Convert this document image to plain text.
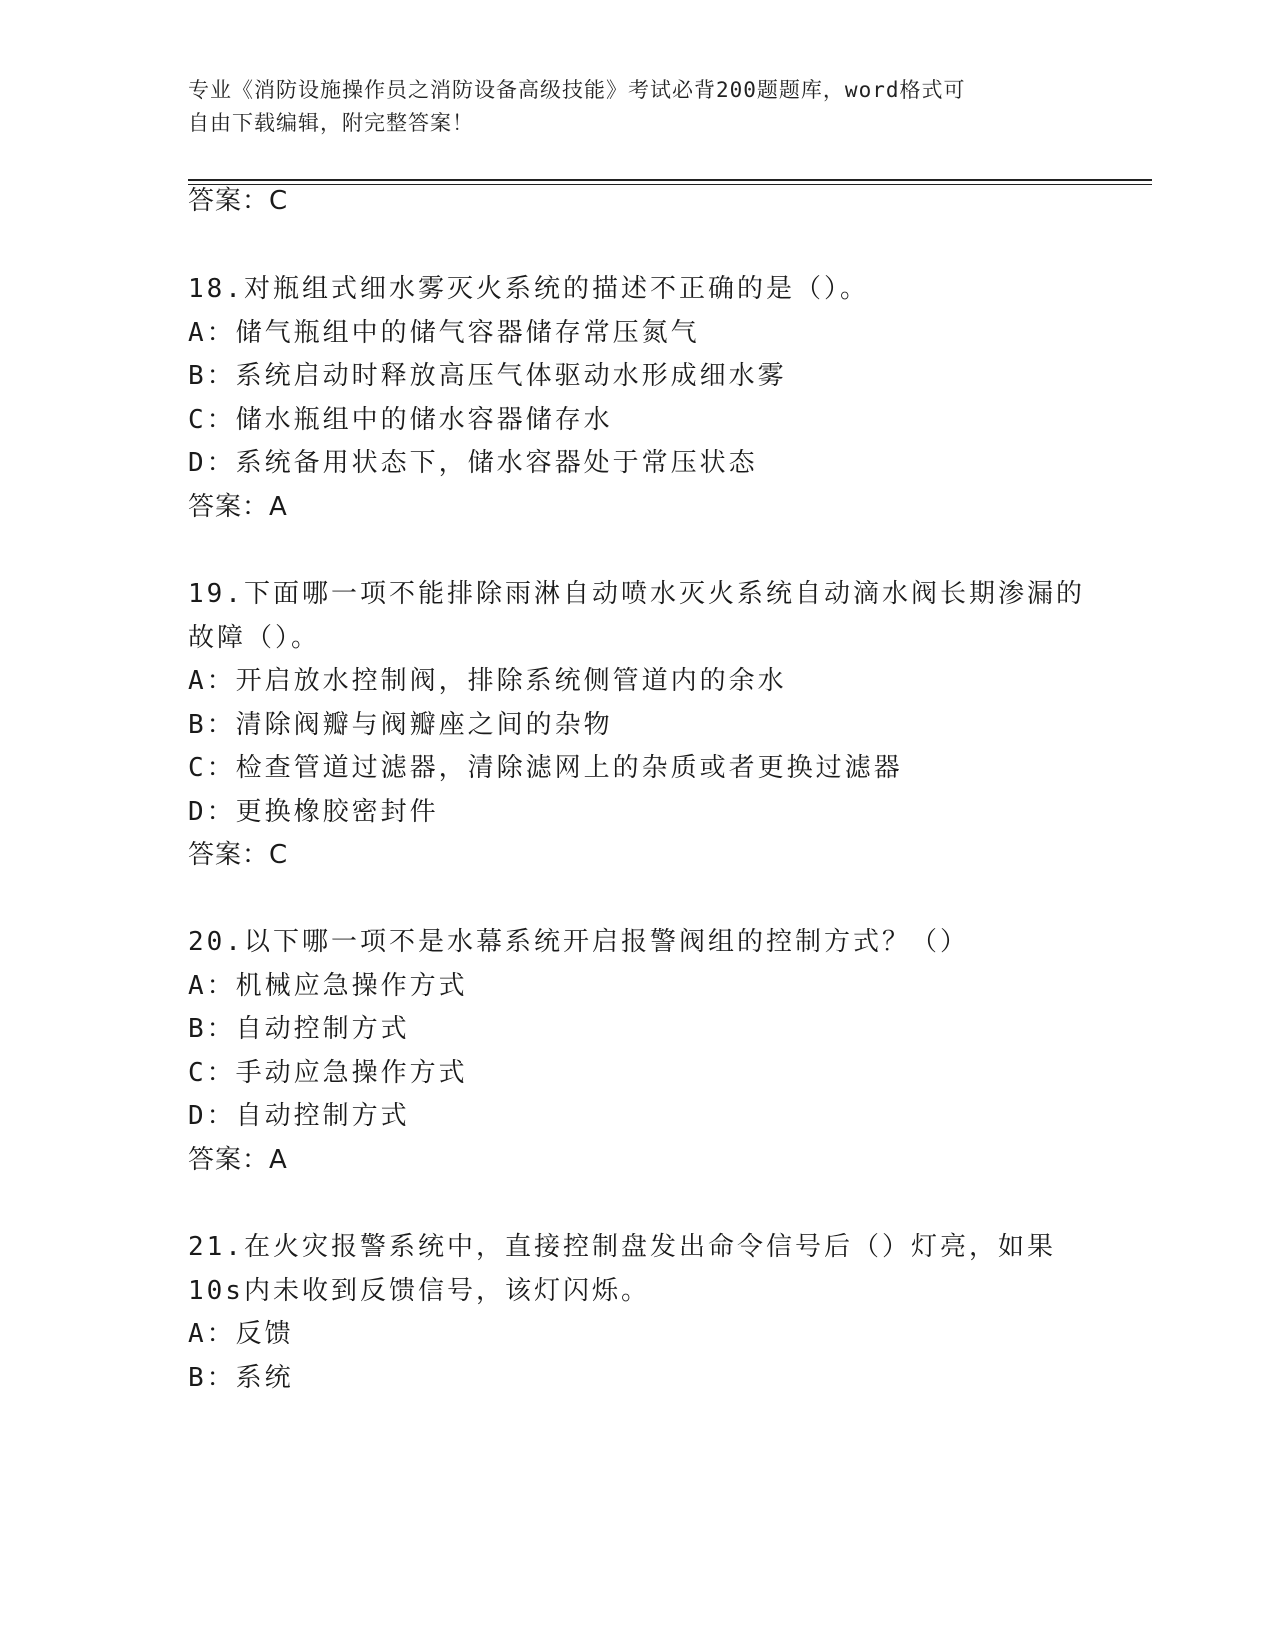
专业《消防设施操作员之消防设备高级技能》考试必背200题题库，word格式可
自由下载编辑，附完整答案！
答案：C
18.对瓶组式细水雾灭火系统的描述不正确的是（）。
A：储气瓶组中的储气容器储存常压氮气
B：系统启动时释放高压气体驱动水形成细水雾
C：储水瓶组中的储水容器储存水
D：系统备用状态下，储水容器处于常压状态
答案：A
19.下面哪一项不能排除雨淋自动喷水灭火系统自动滴水阀长期渗漏的
故障（）。
A：开启放水控制阀，排除系统侧管道内的余水
B：清除阀瓣与阀瓣座之间的杂物
C：检查管道过滤器，清除滤网上的杂质或者更换过滤器
D：更换橡胶密封件
答案：C
20.以下哪一项不是水幕系统开启报警阀组的控制方式？（）
A：机械应急操作方式
B：自动控制方式
C：手动应急操作方式
D：自动控制方式
答案：A
21.在火灾报警系统中，直接控制盘发出命令信号后（）灯亮，如果
10s内未收到反馈信号，该灯闪烁。
A：反馈
B：系统
